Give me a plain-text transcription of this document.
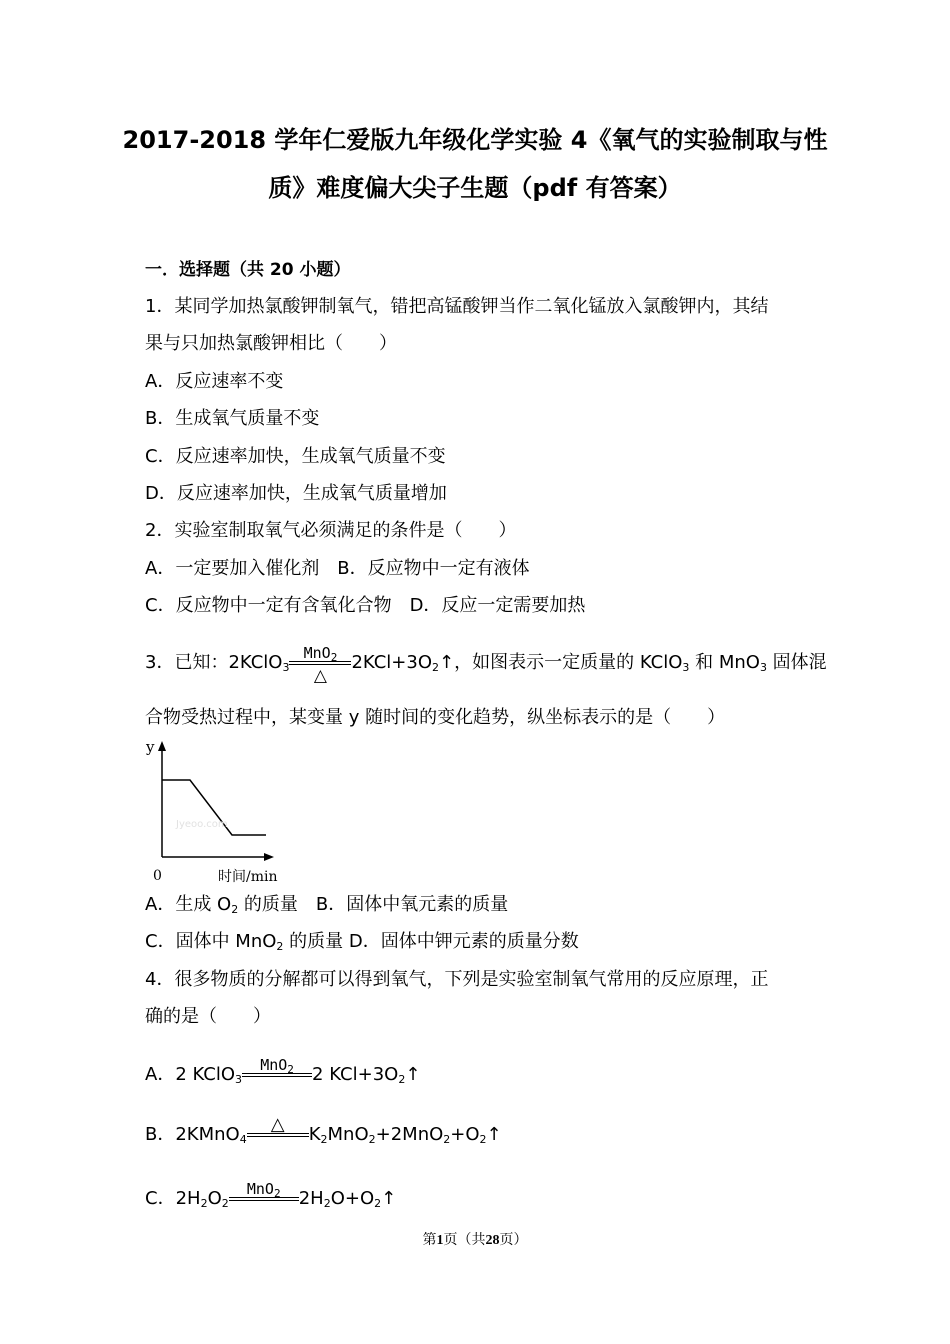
2017-2018 学年仁爱版九年级化学实验 4《氧气的实验制取与性
质》难度偏大尖子生题（pdf 有答案）
一．选择题（共 20 小题）
1．某同学加热氯酸钾制氧气，错把高锰酸钾当作二氧化锰放入氯酸钾内，其结
果与只加热氯酸钾相比（　　）
A．反应速率不变
B．生成氧气质量不变
C．反应速率加快，生成氧气质量不变
D．反应速率加快，生成氧气质量增加
2．实验室制取氧气必须满足的条件是（　　）
A．一定要加入催化剂　B．反应物中一定有液体
C．反应物中一定有含氧化合物　D．反应一定需要加热
3．已知：2KClO$_3$
MnO$_2$
△
$2KCl+3O_2↑$，如图表示一定质量的 KClO$_3$ 和 MnO$_3$ 固体混
合物受热过程中，某变量 y 随时间的变化趋势，纵坐标表示的是（　　）
y
0	时间/min
Jyeoo.com
A．生成 $O_2$ 的质量　B．固体中氧元素的质量
C．固体中 MnO$_2$ 的质量 D．固体中钾元素的质量分数
4．很多物质的分解都可以得到氧气，下列是实验室制氧气常用的反应原理，正
确的是（　　）
A．2 KClO$_3$
MnO$_2$	2 $KCl+3O_2↑$
B．2KMnO$_4$
△	$K_2MnO_2+2MnO_2+O_2↑$
C．$2H_2O_2$
MnO$_2$	$2H_2O+O_2↑$
第1页（共28页）
